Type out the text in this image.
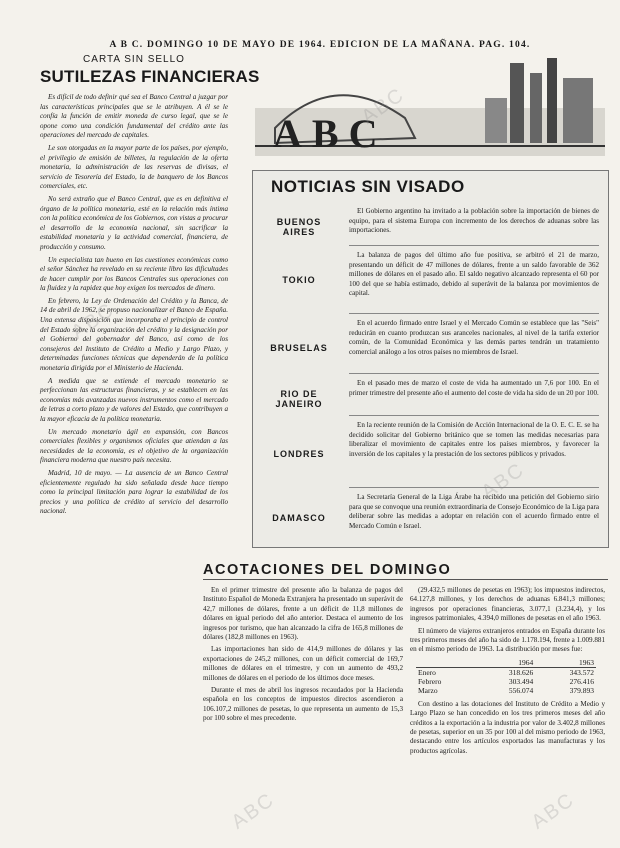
A B C. DOMINGO 10 DE MAYO DE 1964. EDICION DE LA MAÑANA. PAG. 104.
CARTA SIN SELLO
SUTILEZAS FINANCIERAS

Es difícil de todo definir qué sea el Banco Central a juzgar por las características principales que se le atribuyen. A él se le confía la función de emitir moneda de curso legal, que se le opone como una condición fundamental del crédito ante las operaciones del mercado de capitales.

Le son otorgadas en la mayor parte de los países, por ejemplo, el privilegio de emisión de billetes, la regulación de la oferta monetaria, la administración de las reservas de divisas, el servicio de Tesorería del Estado, la de banquero de los Bancos comerciales, etc.

No será extraño que el Banco Central, que es en definitiva el órgano de la política monetaria, esté en la relación más íntima con la política económica de los Gobiernos, con vistas a procurar el desarrollo de la economía nacional, sin sacrificar la estabilidad monetaria y la actividad comercial, financiera, de producción y consumo.

Un especialista tan bueno en las cuestiones económicas como el señor Sánchez ha revelado en su reciente libro las dificultades de hacer cumplir por los Bancos Centrales sus operaciones con la fluidez y la rapidez que hoy exigen los mercados de dinero.

En febrero, la Ley de Ordenación del Crédito y la Banca, de 14 de abril de 1962, se propuso nacionalizar el Banco de España. Una extensa disposición que incorporaba el principio de control del Estado sobre la organización del crédito y la designación por el Gobierno del gobernador del Banco, así como de los consejeros del Instituto de Crédito a Medio y Largo Plazo, y determinadas funciones técnicas que dependerán de la política monetaria dirigida por el Ministerio de Hacienda.

A medida que se extiende el mercado monetario se perfeccionan las estructuras financieras, y se establecen en las economías más avanzadas nuevos instrumentos como el mercado de letras a corto plazo y de valores del Estado, que contribuyen a la mayor eficacia de la política monetaria.

Un mercado monetario ágil en expansión, con Bancos comerciales flexibles y organismos oficiales que atiendan a las necesidades de la economía, es el objetivo de la organización financiera moderna que nuestro país necesita.

Madrid, 10 de mayo. — La ausencia de un Banco Central eficientemente regulado ha sido señalada desde hace tiempo como la principal limitación para lograr la estabilidad de los precios y una política de crédito al servicio del desarrollo nacional.

ABC
NOTICIAS SIN VISADO
BUENOS AIRES
El Gobierno argentino ha invitado a la población sobre la importación de bienes de equipo, para el sistema Europa con incremento de los derechos de aduanas sobre las importaciones.
TOKIO
La balanza de pagos del último año fue positiva, se arbitró el 21 de marzo, presentando un déficit de 47 millones de dólares, frente a un saldo favorable de 362 millones de dólares en el pasado año. El saldo negativo alcanzado representa el 60 por 100 del que se había estimado, debido al superávit de la balanza por movimientos de capital.
BRUSELAS
En el acuerdo firmado entre Israel y el Mercado Común se establece que las "Seis" reducirán en cuanto produzcan sus aranceles nacionales, al nivel de la tarifa exterior común, de la Comunidad Económica y las demás partes tendrán un tratamiento comercial análogo a los otros países no miembros de Israel.
RIO DE JANEIRO
En el pasado mes de marzo el coste de vida ha aumentado un 7,6 por 100. En el primer trimestre del presente año el aumento del coste de vida ha sido de un 20 por 100.
LONDRES
En la reciente reunión de la Comisión de Acción Internacional de la O. E. C. E. se ha decidido solicitar del Gobierno británico que se tomen las medidas necesarias para liberalizar el movimiento de capitales entre los países miembros, y favorecer la inversión de los capitales y la prestación de los sectores públicos y privados.
DAMASCO
La Secretaría General de la Liga Árabe ha recibido una petición del Gobierno sirio para que se convoque una reunión extraordinaria de Consejo Económico de la Liga para deliberar sobre las medidas a adoptar en relación con el acuerdo firmado entre el Mercado Común e Israel.
ACOTACIONES DEL DOMINGO

En el primer trimestre del presente año la balanza de pagos del Instituto Español de Moneda Extranjera ha presentado un superávit de 42,7 millones de dólares, frente a un déficit de 11,8 millones de dólares en igual periodo del año anterior. Destaca el aumento de los ingresos por turismo, que han alcanzado la cifra de 165,8 millones de dólares (182,8 millones en 1963).

Las importaciones han sido de 414,9 millones de dólares y las exportaciones de 245,2 millones, con un déficit comercial de 169,7 millones de dólares en el trimestre, y con un aumento de 493,2 millones de dólares en el periodo de los últimos doce meses.

Durante el mes de abril los ingresos recaudados por la Hacienda española en los conceptos de impuestos directos ascendieron a 106.107,2 millones de pesetas, lo que representa un aumento de 15,3 por 100 sobre el mes precedente.

(29.432,5 millones de pesetas en 1963); los impuestos indirectos, 64.127,8 millones, y los derechos de aduanas 6.841,3 millones; ingresos por operaciones financieras, 3.077,1 (3.234,4), y los ingresos patrimoniales, 4.394,0 millones de pesetas en el año 1963.

El número de viajeros extranjeros entrados en España durante los tres primeros meses del año ha sido de 1.178.194, frente a 1.009.881 en el mismo periodo de 1963. La distribución por meses fue:

	1964	1963
Enero	318.626	343.572
Febrero	303.494	276.416
Marzo	556.074	379.893

Con destino a las dotaciones del Instituto de Crédito a Medio y Largo Plazo se han concedido en los tres primeros meses del año créditos a la exportación a la industria por valor de 3.402,8 millones de pesetas, superior en un 35 por 100 al del mismo periodo de 1963, destacando entre los artículos exportados las manufacturas y los productos agrícolas.

ABC
ABC
ABC
ABC	ABC
